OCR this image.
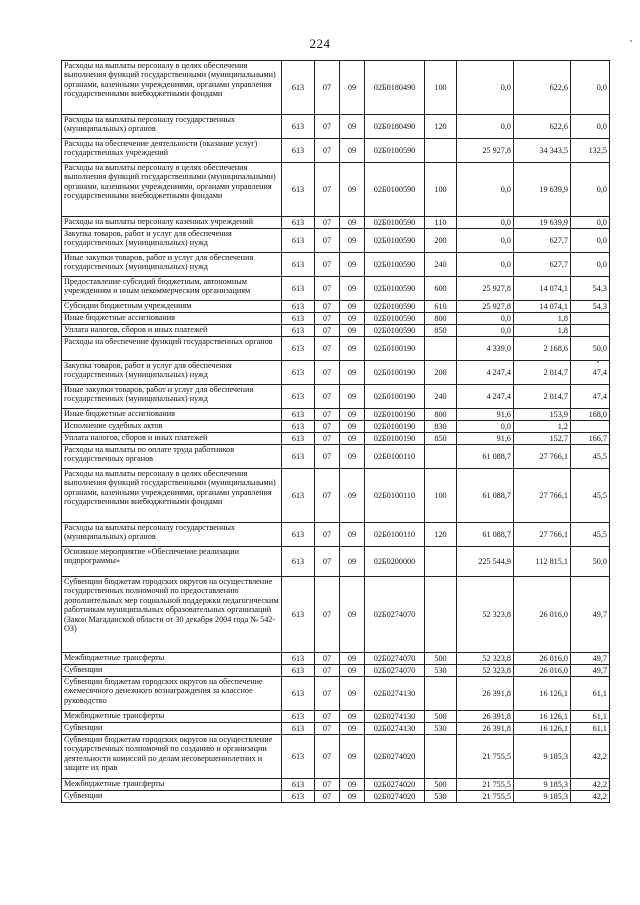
224
Расходы на выплаты персоналу в целях обеспечения выполнения функций государственными (муниципальными) органами, казенными учреждениями, органами управления государственными внебюджетными фондами	613	07	09	02Б0180490	100	0,0	622,6	0,0
Расходы на выплаты персоналу государственных (муниципальных) органов	613	07	09	02Б0180490	120	0,0	622,6	0,0
Расходы на обеспечение деятельности (оказание услуг) государственных учреждений	613	07	09	02Б0100590		25 927,8	34 343,5	132,5
Расходы на выплаты персоналу в целях обеспечения выполнения функций государственными (муниципальными) органами, казенными учреждениями, органами управления государственными внебюджетными фондами	613	07	09	02Б0100590	100	0,0	19 639,9	0,0
Расходы на выплаты персоналу казенных учреждений	613	07	09	02Б0100590	110	0,0	19 639,9	0,0
Закупка товаров, работ и услуг для обеспечения государственных (муниципальных) нужд	613	07	09	02Б0100590	200	0,0	627,7	0,0
Иные закупки товаров, работ и услуг для обеспечения государственных (муниципальных) нужд	613	07	09	02Б0100590	240	0,0	627,7	0,0
Предоставление субсидий бюджетным, автономным учреждениям и иным некоммерческим организациям	613	07	09	02Б0100590	600	25 927,8	14 074,1	54,3
Субсидии бюджетным учреждениям	613	07	09	02Б0100590	610	25 927,8	14 074,1	54,3
Иные бюджетные ассигнования	613	07	09	02Б0100590	800	0,0	1,8	
Уплата налогов, сборов и иных платежей	613	07	09	02Б0100590	850	0,0	1,8	
Расходы на обеспечение функций государственных органов	613	07	09	02Б0100190		4 339,0	2 168,6	50,0
Закупка товаров, работ и услуг для обеспечения государственных (муниципальных) нужд	613	07	09	02Б0100190	200	4 247,4	2 014,7	47,4
Иные закупки товаров, работ и услуг для обеспечения государственных (муниципальных) нужд	613	07	09	02Б0100190	240	4 247,4	2 014,7	47,4
Иные бюджетные ассигнования	613	07	09	02Б0100190	800	91,6	153,9	168,0
Исполнение судебных актов	613	07	09	02Б0100190	830	0,0	1,2	
Уплата налогов, сборов и иных платежей	613	07	09	02Б0100190	850	91,6	152,7	166,7
Расходы на выплаты по оплате труда работников государственных органов	613	07	09	02Б0100110		61 088,7	27 766,1	45,5
Расходы на выплаты персоналу в целях обеспечения выполнения функций государственными (муниципальными) органами, казенными учреждениями, органами управления государственными внебюджетными фондами	613	07	09	02Б0100110	100	61 088,7	27 766,1	45,5
Расходы на выплаты персоналу государственных (муниципальных) органов	613	07	09	02Б0100110	120	61 088,7	27 766,1	45,5
Основное мероприятие «Обеспечение реализации подпрограммы»	613	07	09	02Б0200000		225 544,9	112 815,1	50,0
Субвенции бюджетам городских округов на осуществление государственных полномочий по предоставлению дополнительных мер социальной поддержки педагогическим работникам муниципальных образовательных организаций (Закон Магаданской области от 30 декабря 2004 года № 542-ОЗ)	613	07	09	02Б0274070		52 323,8	26 016,0	49,7
Межбюджетные трансферты	613	07	09	02Б0274070	500	52 323,8	26 016,0	49,7
Субвенции	613	07	09	02Б0274070	530	52 323,8	26 016,0	49,7
Субвенции бюджетам городских округов на обеспечение ежемесячного денежного вознаграждения за классное руководство	613	07	09	02Б0274130		26 391,8	16 126,1	61,1
Межбюджетные трансферты	613	07	09	02Б0274130	500	26 391,8	16 126,1	61,1
Субвенции	613	07	09	02Б0274130	530	26 391,8	16 126,1	61,1
Субвенции бюджетам городских округов на осуществление государственных полномочий по созданию и организации деятельности комиссий по делам несовершеннолетних и защите их прав	613	07	09	02Б0274020		21 755,5	9 185,3	42,2
Межбюджетные трансферты	613	07	09	02Б0274020	500	21 755,5	9 185,3	42,2
Субвенции	613	07	09	02Б0274020	530	21 755,5	9 185,3	42,2
